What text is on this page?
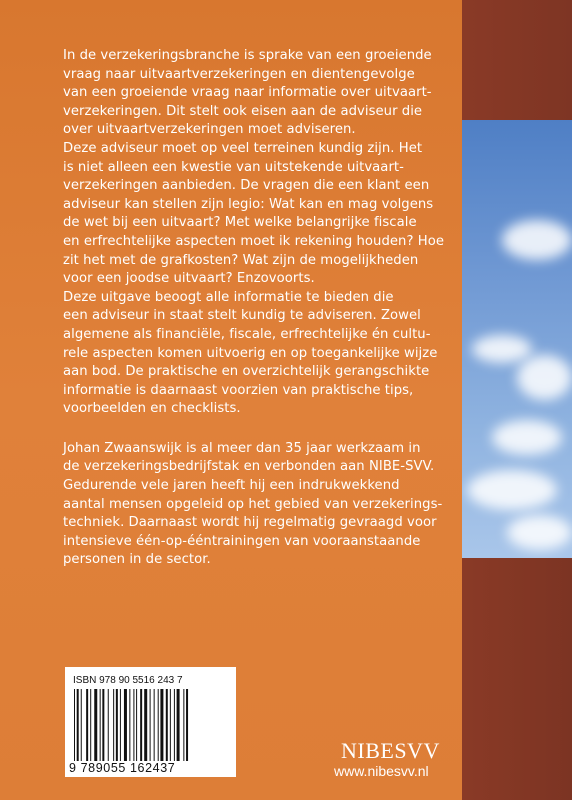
In de verzekeringsbranche is sprake van een groeiende
vraag naar uitvaartverzekeringen en dientengevolge
van een groeiende vraag naar informatie over uitvaart-
verzekeringen. Dit stelt ook eisen aan de adviseur die
over uitvaartverzekeringen moet adviseren.
Deze adviseur moet op veel terreinen kundig zijn. Het
is niet alleen een kwestie van uitstekende uitvaart-
verzekeringen aanbieden. De vragen die een klant een
adviseur kan stellen zijn legio: Wat kan en mag volgens
de wet bij een uitvaart? Met welke belangrijke fiscale
en erfrechtelijke aspecten moet ik rekening houden? Hoe
zit het met de grafkosten? Wat zijn de mogelijkheden
voor een joodse uitvaart? Enzovoorts.
Deze uitgave beoogt alle informatie te bieden die
een adviseur in staat stelt kundig te adviseren. Zowel
algemene als financiële, fiscale, erfrechtelijke én cultu-
rele aspecten komen uitvoerig en op toegankelijke wijze
aan bod. De praktische en overzichtelijk gerangschikte
informatie is daarnaast voorzien van praktische tips,
voorbeelden en checklists.
Johan Zwaanswijk is al meer dan 35 jaar werkzaam in
de verzekeringsbedrijfstak en verbonden aan NIBE-SVV.
Gedurende vele jaren heeft hij een indrukwekkend
aantal mensen opgeleid op het gebied van verzekerings-
techniek. Daarnaast wordt hij regelmatig gevraagd voor
intensieve één-op-ééntrainingen van vooraanstaande
personen in de sector.
ISBN 978 90 5516 243 7
9 789055 162437
NIBESVV
www.nibesvv.nl
